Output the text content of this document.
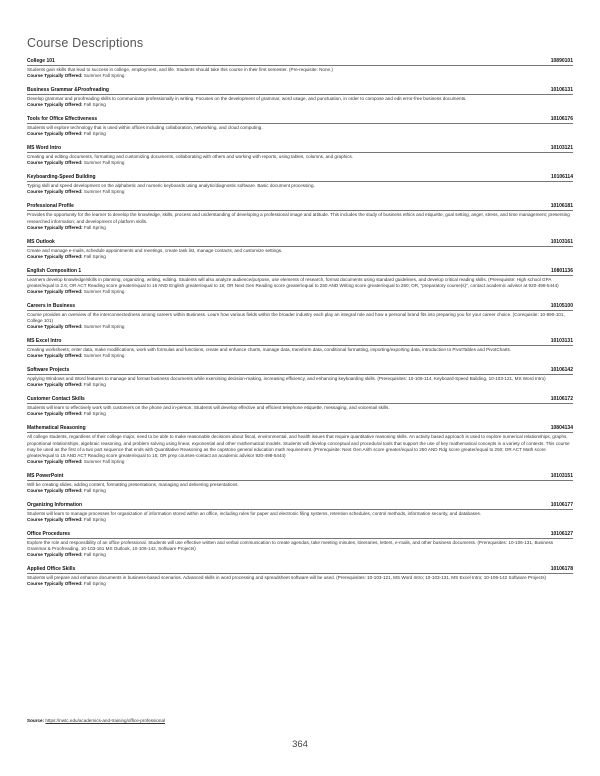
Course Descriptions
College 101	10890101

Students gain skills that lead to success in college, employment, and life. Students should take this course in their first semester. (Pre-requisite: None.)

Course Typically Offered: Summer Fall Spring
Business Grammar &Proofreading	10106131

Develop grammar and proofreading skills to communicate professionally in writing. Focuses on the development of grammar, word usage, and punctuation, in order to compose and edit error-free business documents.

Course Typically Offered: Fall Spring
Tools for Office Effectiveness	10106176

Students will explore technology that is used within offices including collaboration, networking, and cloud computing.

Course Typically Offered: Fall Spring
MS Word Intro	10103121

Creating and editing documents, formatting and customizing documents, collaborating with others and working with reports, using tables, columns, and graphics.

Course Typically Offered: Summer Fall Spring
Keyboarding-Speed Building	10106114

Typing skill and speed development on the alphabetic and numeric keyboards using analytic/diagnostic software. Basic document processing.

Course Typically Offered: Summer Fall Spring
Professional Profile	10106181

Provides the opportunity for the learner to develop the knowledge, skills, process and understanding of developing a professional image and attitude. This includes the study of business ethics and etiquette, goal setting, anger, stress, and time management; presenting researched information; and development of platform skills.

Course Typically Offered: Fall Spring
MS Outlook	10103161

Create and manage e-mails, schedule appointments and meetings, create task list, manage contacts, and customize settings.

Course Typically Offered: Fall Spring
English Composition 1	10801136

Learners develop knowledge/skills in planning, organizing, writing, editing. Students will also analyze audience/purpose, use elements of research, format documents using standard guidelines, and develop critical reading skills. (Prerequisite: High school GPA greater/equal to 2.6; OR ACT Reading score greater/equal to 16 AND English greater/equal to 18; OR Next Gen Reading score greater/equal to 250 AND Writing score greater/equal to 260; OR, "preparatory course(s)", contact academic advisor at 920-498-5444)

Course Typically Offered: Summer Fall Spring
Careers in Business	10105100

Course provides an overview of the interconnectedness among careers within Business. Learn how various fields within the broader industry each play an integral role and how a personal brand fits into preparing you for your career choice. (Corequisite: 10-890-101, College 101)

Course Typically Offered: Summer Fall Spring
MS Excel Intro	10103131

Creating worksheets; enter data, make modifications, work with formulas and functions, create and enhance charts, manage data, transform data, conditional formatting, importing/exporting data, introduction to PivotTables and PivotCharts.

Course Typically Offered: Summer Fall Spring
Software Projects	10106142

Applying Windows and Word features to manage and format business documents while exercising decision-making, increasing efficiency, and enhancing keyboarding skills. (Prerequisites: 10-106-114, Keyboard-Speed Building, 10-103-121, MS Word Intro)

Course Typically Offered: Fall Spring
Customer Contact Skills	10106172

Students will learn to effectively work with customers on the phone and in-person. Students will develop effective and efficient telephone etiquette, messaging, and voicemail skills.

Course Typically Offered: Fall Spring
Mathematical Reasoning	10804134

All college students, regardless of their college major, need to be able to make reasonable decisions about fiscal, environmental, and health issues that require quantitative reasoning skills. An activity based approach is used to explore numerical relationships, graphs, proportional relationships, algebraic reasoning, and problem solving using linear, exponential and other mathematical models. Students will develop conceptual and procedural tools that support the use of key mathematical concepts in a variety of contexts. This course may be used as the first of a two part sequence that ends with Quantitative Reasoning as the capstone general education math requirement. (Prerequisite: Next Gen Arith score greater/equal to 250 AND Rdg score greater/equal to 250; OR ACT Math score greater/equal to 15 AND ACT Reading score greater/equal to 16; OR prep courses-contact an academic advisor 920-498-5444)

Course Typically Offered: Summer Fall Spring
MS PowerPoint	10103151

Will be creating slides, adding content, formatting presentations, managing and delivering presentations.

Course Typically Offered: Fall Spring
Organizing Information	10106177

Students will learn to manage processes for organization of information stored within an office, including rules for paper and electronic filing systems, retention schedules, control methods, information security, and databases.

Course Typically Offered: Fall Spring
Office Procedures	10106127

Explore the role and responsibility of an office professional. Students will use effective written and verbal communication to create agendas, take meeting minutes, itineraries, letters, e-mails, and other business documents. (Prerequisites: 10-106-131, Business Grammar & Proofreading, 10-103-161 MS Outlook, 10-106-142, Software Projects)

Course Typically Offered: Fall Spring
Applied Office Skills	10106178

Students will prepare and enhance documents in business-based scenarios. Advanced skills in word processing and spreadsheet software will be used. (Prerequisites: 10-103-121, MS Word Intro; 10-103-131, MS Excel Intro; 10-106-142 Software Projects)

Course Typically Offered: Fall Spring
Source: https://nwtc.edu/academics-and-training/office-professional
364
